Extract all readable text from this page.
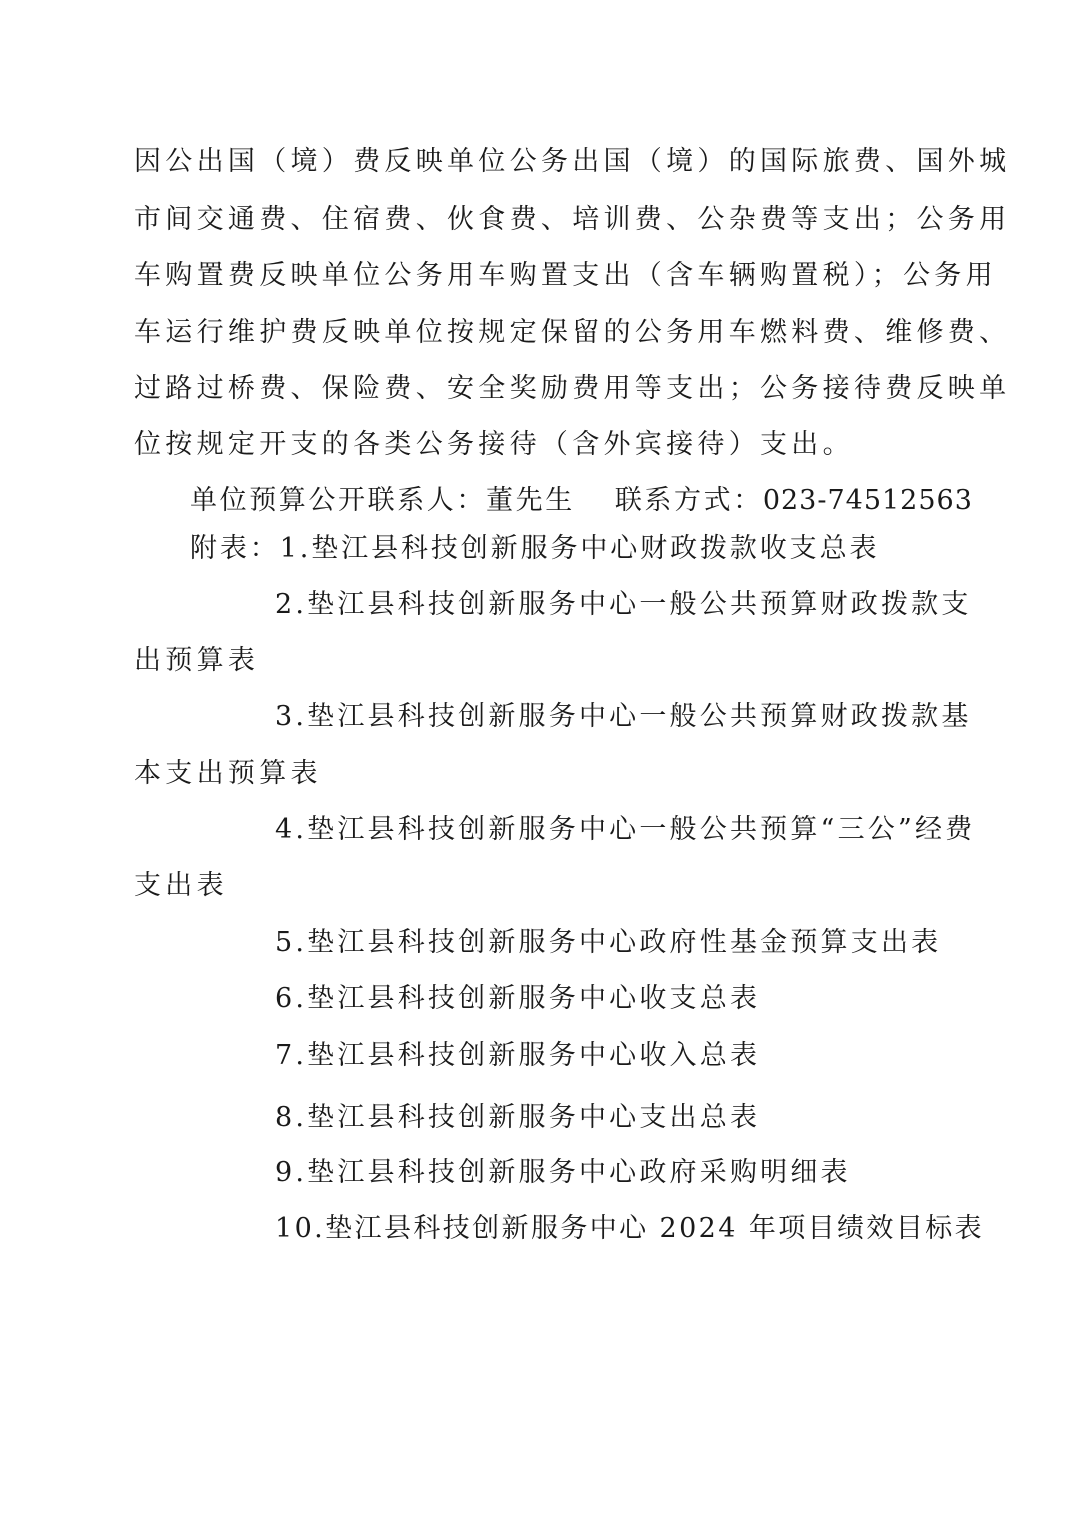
因公出国（境）费反映单位公务出国（境）的国际旅费、国外城
市间交通费、住宿费、伙食费、培训费、公杂费等支出；公务用
车购置费反映单位公务用车购置支出（含车辆购置税）；公务用
车运行维护费反映单位按规定保留的公务用车燃料费、维修费、
过路过桥费、保险费、安全奖励费用等支出；公务接待费反映单
位按规定开支的各类公务接待（含外宾接待）支出。
单位预算公开联系人：董先生 联系方式：023-74512563
附表：1.垫江县科技创新服务中心财政拨款收支总表
2.垫江县科技创新服务中心一般公共预算财政拨款支
出预算表
3.垫江县科技创新服务中心一般公共预算财政拨款基
本支出预算表
4.垫江县科技创新服务中心一般公共预算“三公”经费
支出表
5.垫江县科技创新服务中心政府性基金预算支出表
6.垫江县科技创新服务中心收支总表
7.垫江县科技创新服务中心收入总表
8.垫江县科技创新服务中心支出总表
9.垫江县科技创新服务中心政府采购明细表
10.垫江县科技创新服务中心 2024 年项目绩效目标表
